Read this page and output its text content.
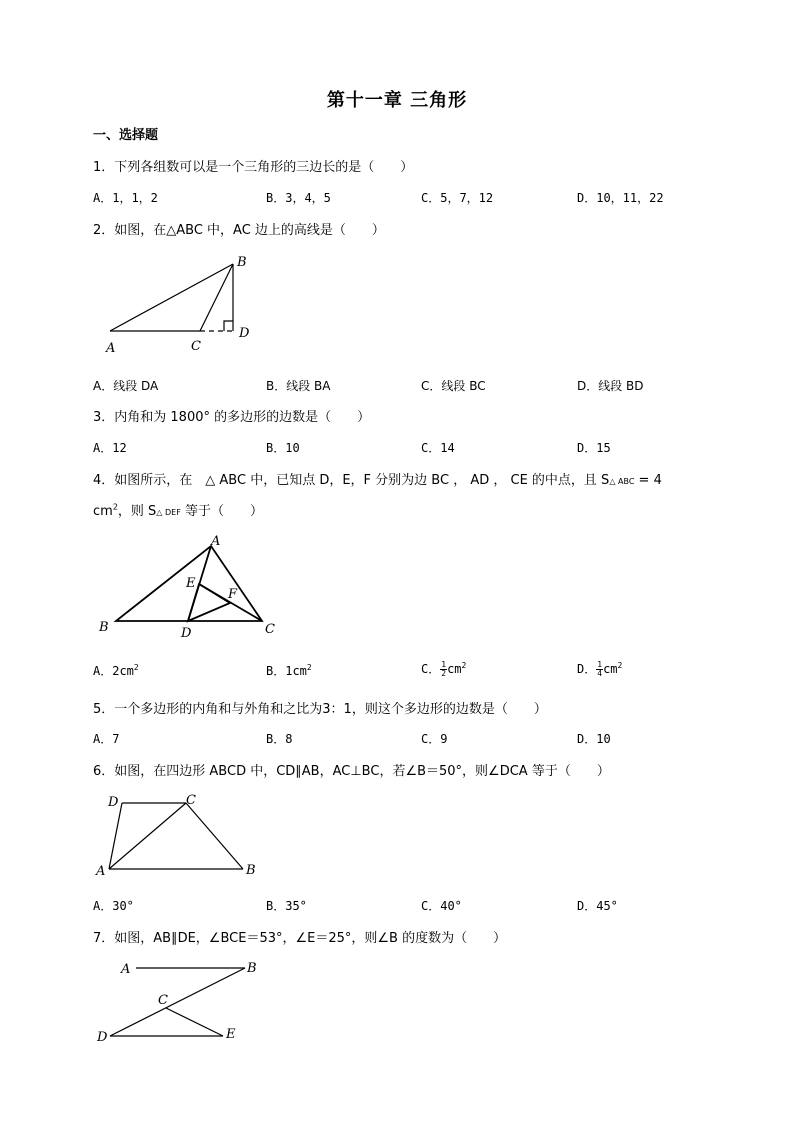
第十一章 三角形
一、选择题
1．下列各组数可以是一个三角形的三边长的是（　　）
A．1，1，2	B．3，4，5	C．5，7，12	D．10，11，22
2．如图，在△ABC 中，AC 边上的高线是（　　）
A
B
C
D
A．线段 DA	B．线段 BA	C．线段 BC	D．线段 BD
3．内角和为 1800° 的多边形的边数是（　　）
A．12	B．10	C．14	D．15
4．如图所示，在　△ ABC 中，已知点 D，E，F 分别为边 BC ， AD ， CE 的中点，且 S△ ABC = 4
$cm^2$，则 S△ DEF 等于（　　）
A
B	C
D
E
F
A．$2cm^2$	B．$1cm^2$	C． $\frac{1}{2} cm^2$	D． $\frac{1}{4} cm^2$
5．一个多边形的内角和与外角和之比为3：1，则这个多边形的边数是（　　）
A．7	B．8	C．9	D．10
6．如图，在四边形 ABCD 中，CD∥AB，AC⊥BC，若∠B＝50°，则∠DCA 等于（　　）
D	C
A	B
A．30°	B．35°	C．40°	D．45°
7．如图，AB∥DE，∠BCE＝53°，∠E＝25°，则∠B 的度数为（　　）
A	B
C
D	E
